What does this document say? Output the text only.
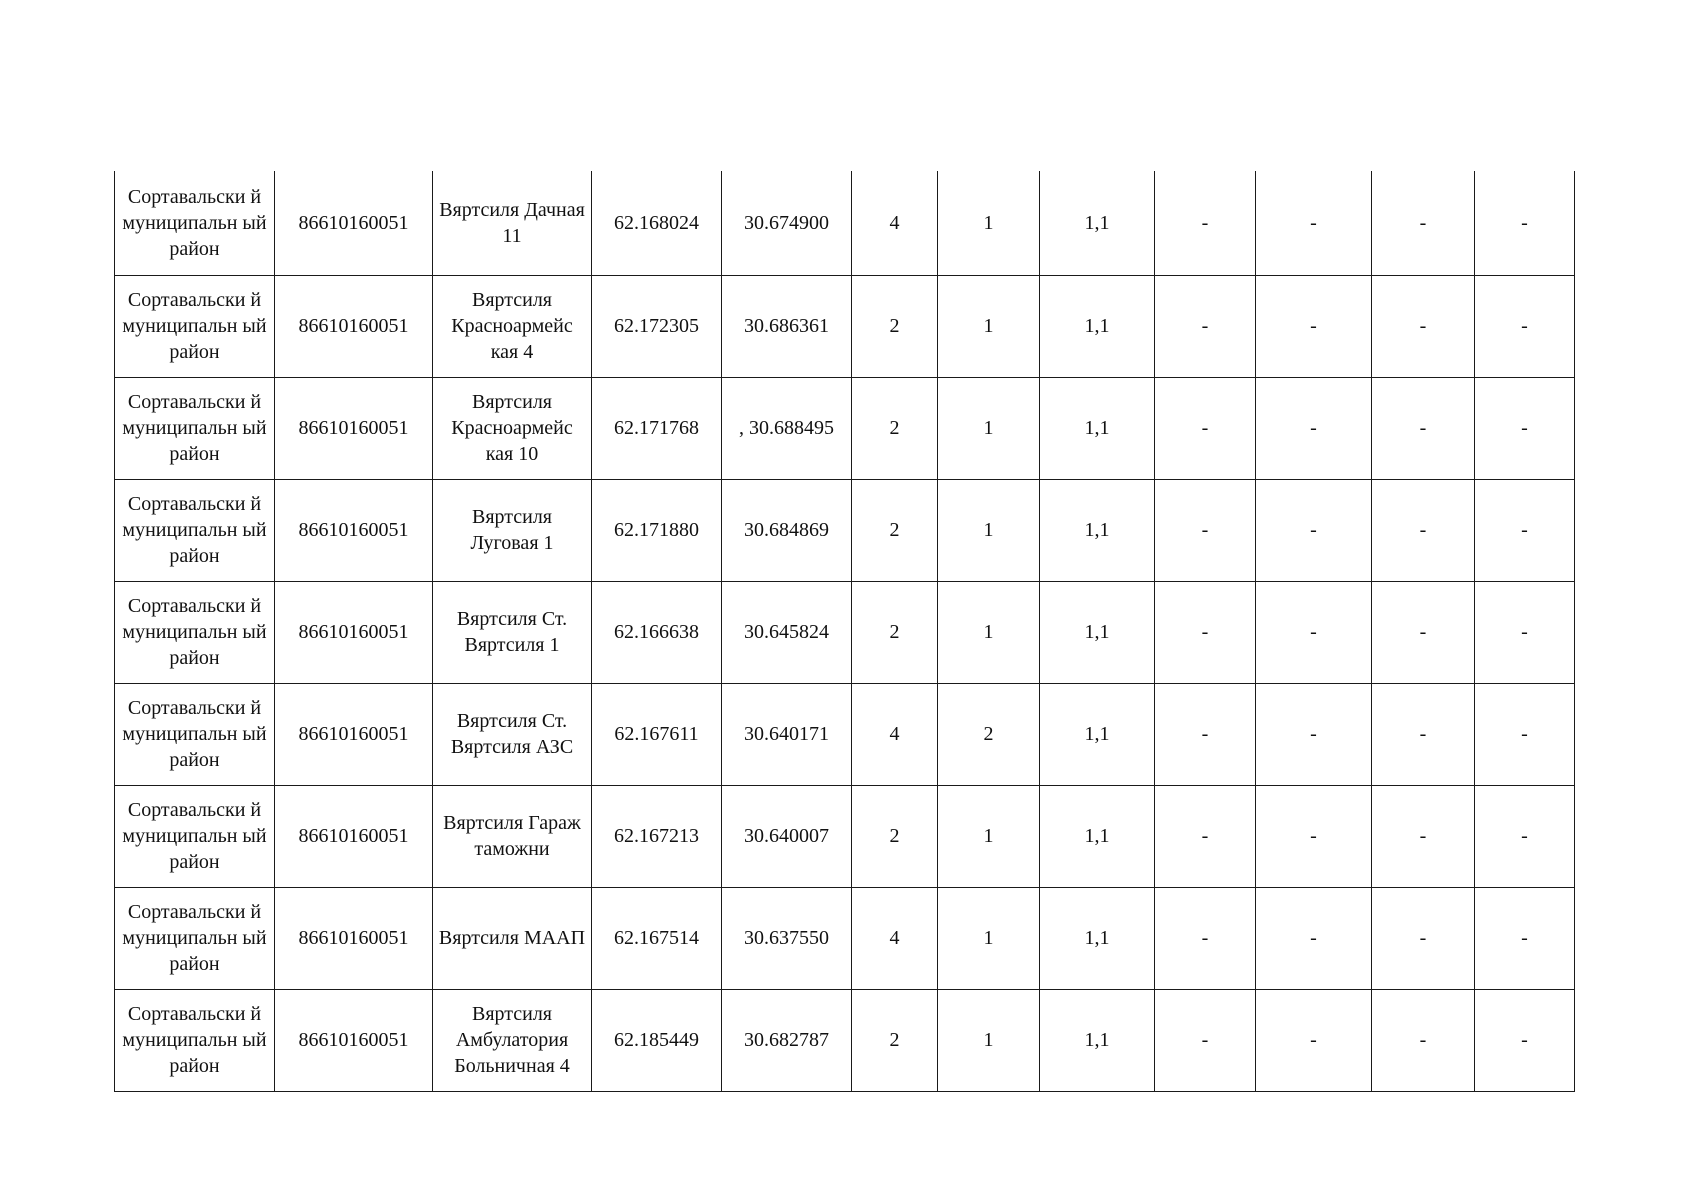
Сортавальски й муниципальн ый район	86610160051	Вяртсиля Дачная 11	62.168024	30.674900	4	1	1,1	-	-	-	-
Сортавальски й муниципальн ый район	86610160051	Вяртсиля Красноармейс кая 4	62.172305	30.686361	2	1	1,1	-	-	-	-
Сортавальски й муниципальн ый район	86610160051	Вяртсиля Красноармейс кая 10	62.171768	, 30.688495	2	1	1,1	-	-	-	-
Сортавальски й муниципальн ый район	86610160051	Вяртсиля Луговая 1	62.171880	30.684869	2	1	1,1	-	-	-	-
Сортавальски й муниципальн ый район	86610160051	Вяртсиля Ст. Вяртсиля 1	62.166638	30.645824	2	1	1,1	-	-	-	-
Сортавальски й муниципальн ый район	86610160051	Вяртсиля Ст. Вяртсиля АЗС	62.167611	30.640171	4	2	1,1	-	-	-	-
Сортавальски й муниципальн ый район	86610160051	Вяртсиля Гараж таможни	62.167213	30.640007	2	1	1,1	-	-	-	-
Сортавальски й муниципальн ый район	86610160051	Вяртсиля МААП	62.167514	30.637550	4	1	1,1	-	-	-	-
Сортавальски й муниципальн ый район	86610160051	Вяртсиля Амбулатория Больничная 4	62.185449	30.682787	2	1	1,1	-	-	-	-
